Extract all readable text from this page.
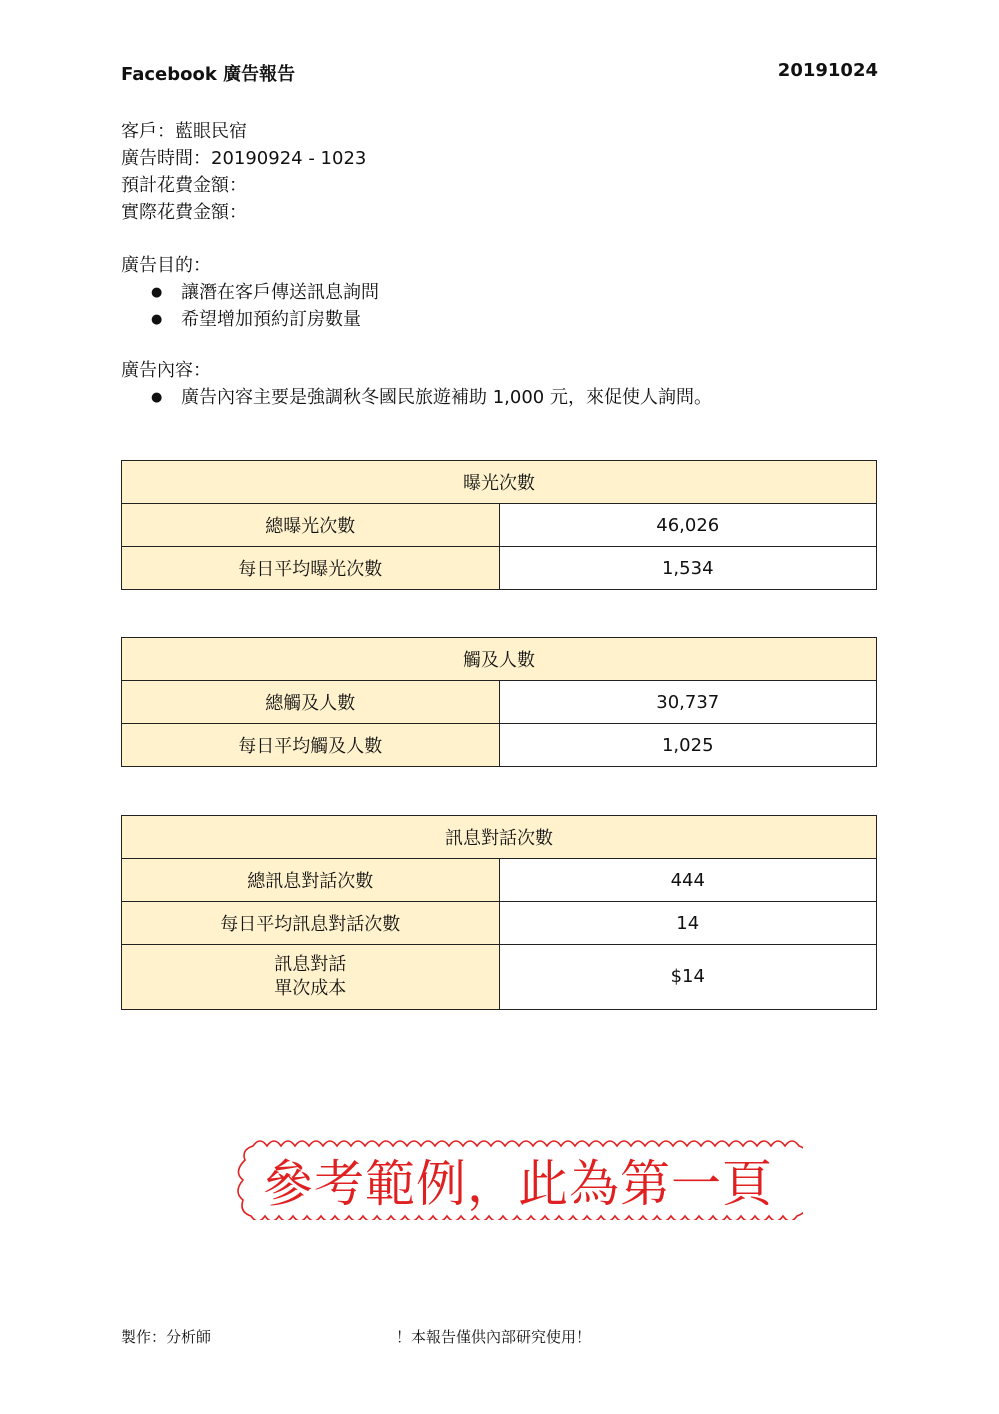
Facebook 廣告報告	20191024
客戶：藍眼民宿
廣告時間：20190924 - 1023
預計花費金額：
實際花費金額：
廣告目的：
● 讓潛在客戶傳送訊息詢問
● 希望增加預約訂房數量
廣告內容：
● 廣告內容主要是強調秋冬國民旅遊補助 1,000 元，來促使人詢問。
曝光次數	
總曝光次數	46,026
每日平均曝光次數	1,534
觸及人數	
總觸及人數	30,737
每日平均觸及人數	1,025
訊息對話次數	
總訊息對話次數	444
每日平均訊息對話次數	14

訊息對話
單次成本	$14
參考範例，此為第一頁
製作：分析師	！本報告僅供內部研究使用！
